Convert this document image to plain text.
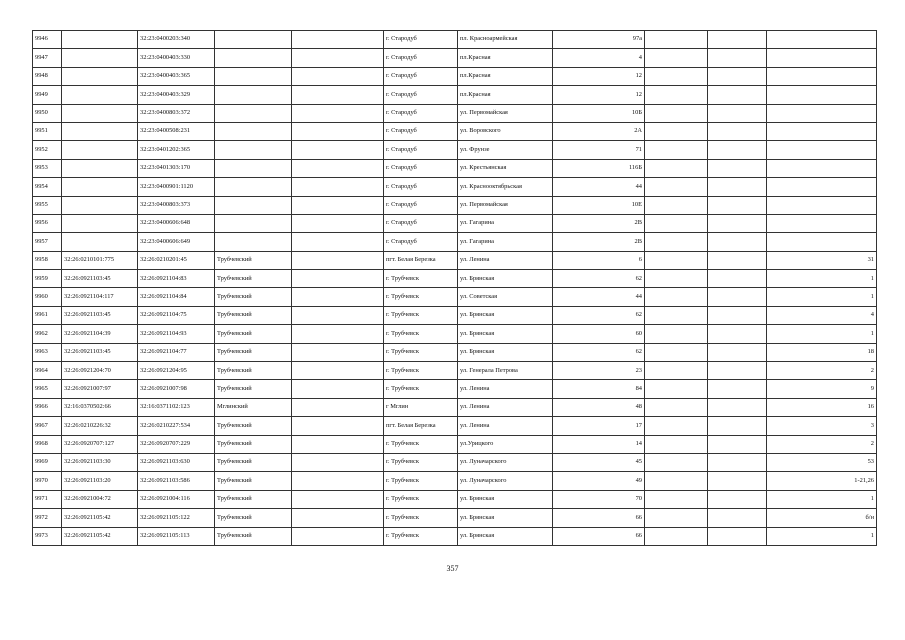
9946		32:23:0400203:340			г. Стародуб	пл. Красноармейская	97а			
9947		32:23:0400403:330			г. Стародуб	пл.Красная	4			
9948		32:23:0400403:365			г. Стародуб	пл.Красная	12			
9949		32:23:0400403:329			г. Стародуб	пл.Красная	12			
9950		32:23:0400803:372			г. Стародуб	ул. Первомайская	10Б			
9951		32:23:0400508:231			г. Стародуб	ул. Воровского	2А			
9952		32:23:0401202:365			г. Стародуб	ул. Фрунзе	71			
9953		32:23:0401303:170			г. Стародуб	ул. Крестьянская	116Б			
9954		32:23:0400901:1120			г. Стародуб	ул. Краснооктябрьская	44			
9955		32:23:0400803:373			г. Стародуб	ул. Первомайская	10Е			
9956		32:23:0400606:648			г. Стародуб	ул. Гагарина	2В			
9957		32:23:0400606:649			г. Стародуб	ул. Гагарина	2В			
9958	32:26:0210101:775	32:26:0210201:45	Трубчевский		пгт. Белая Березка	ул. Ленина	6			31
9959	32:26:0921103:45	32:26:0921104:83	Трубчевский		г. Трубчевск	ул. Брянская	62			1
9960	32:26:0921104:117	32:26:0921104:84	Трубчевский		г. Трубчевск	ул. Советская	44			1
9961	32:26:0921103:45	32:26:0921104:75	Трубчевский		г. Трубчевск	ул. Брянская	62			4
9962	32:26:0921104:39	32:26:0921104:93	Трубчевский		г. Трубчевск	ул. Брянская	60			1
9963	32:26:0921103:45	32:26:0921104:77	Трубчевский		г. Трубчевск	ул. Брянская	62			18
9964	32:26:0921204:70	32:26:0921204:95	Трубчевский		г. Трубчевск	ул. Генерала Петрова	23			2
9965	32:26:0921007:97	32:26:0921007:98	Трубчевский		г. Трубчевск	ул. Ленина	84			9
9966	32:16:0370502:66	32:16:0371102:123	Мглинский		г Мглин	ул. Ленина	48			16
9967	32:26:0210226:32	32:26:0210227:534	Трубчевский		пгт. Белая Березка	ул. Ленина	17			3
9968	32:26:0920707:127	32:26:0920707:229	Трубчевский		г. Трубчевск	ул.Урицкого	14			2
9969	32:26:0921103:30	32:26:0921103:630	Трубчевский		г. Трубчевск	ул. Луначарского	45			53
9970	32:26:0921103:20	32:26:0921103:586	Трубчевский		г. Трубчевск	ул. Луначарского	49			1-21,26
9971	32:26:0921004:72	32:26:0921004:116	Трубчевский		г. Трубчевск	ул. Брянская	70			1
9972	32:26:0921105:42	32:26:0921105:122	Трубчевский		г. Трубчевск	ул. Брянская	66			б/н
9973	32:26:0921105:42	32:26:0921105:113	Трубчевский		г. Трубчевск	ул. Брянская	66			1
357
